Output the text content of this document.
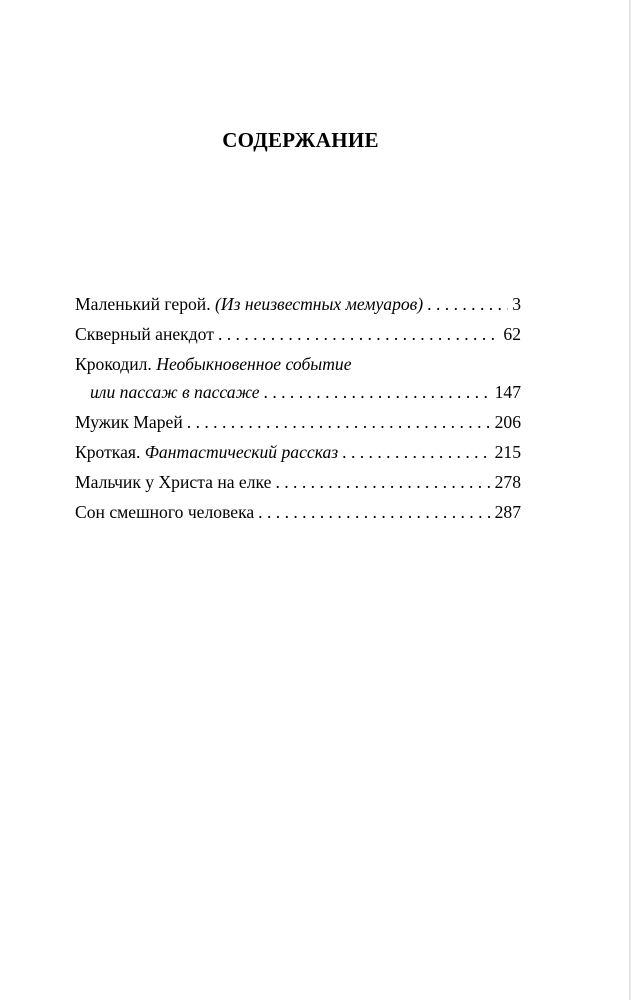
СОДЕРЖАНИЕ
Маленький герой.
(Из неизвестных мемуаров) . . .	3
Скверный анекдот . . .	62
Крокодил.
Необыкновенное событие
или пассаж в пассаже . . .	147
Мужик Марей . . .	206
Кроткая.
Фантастический рассказ . . .	215
Мальчик у Христа на елке . . .	278
Сон смешного человека . . .	287
